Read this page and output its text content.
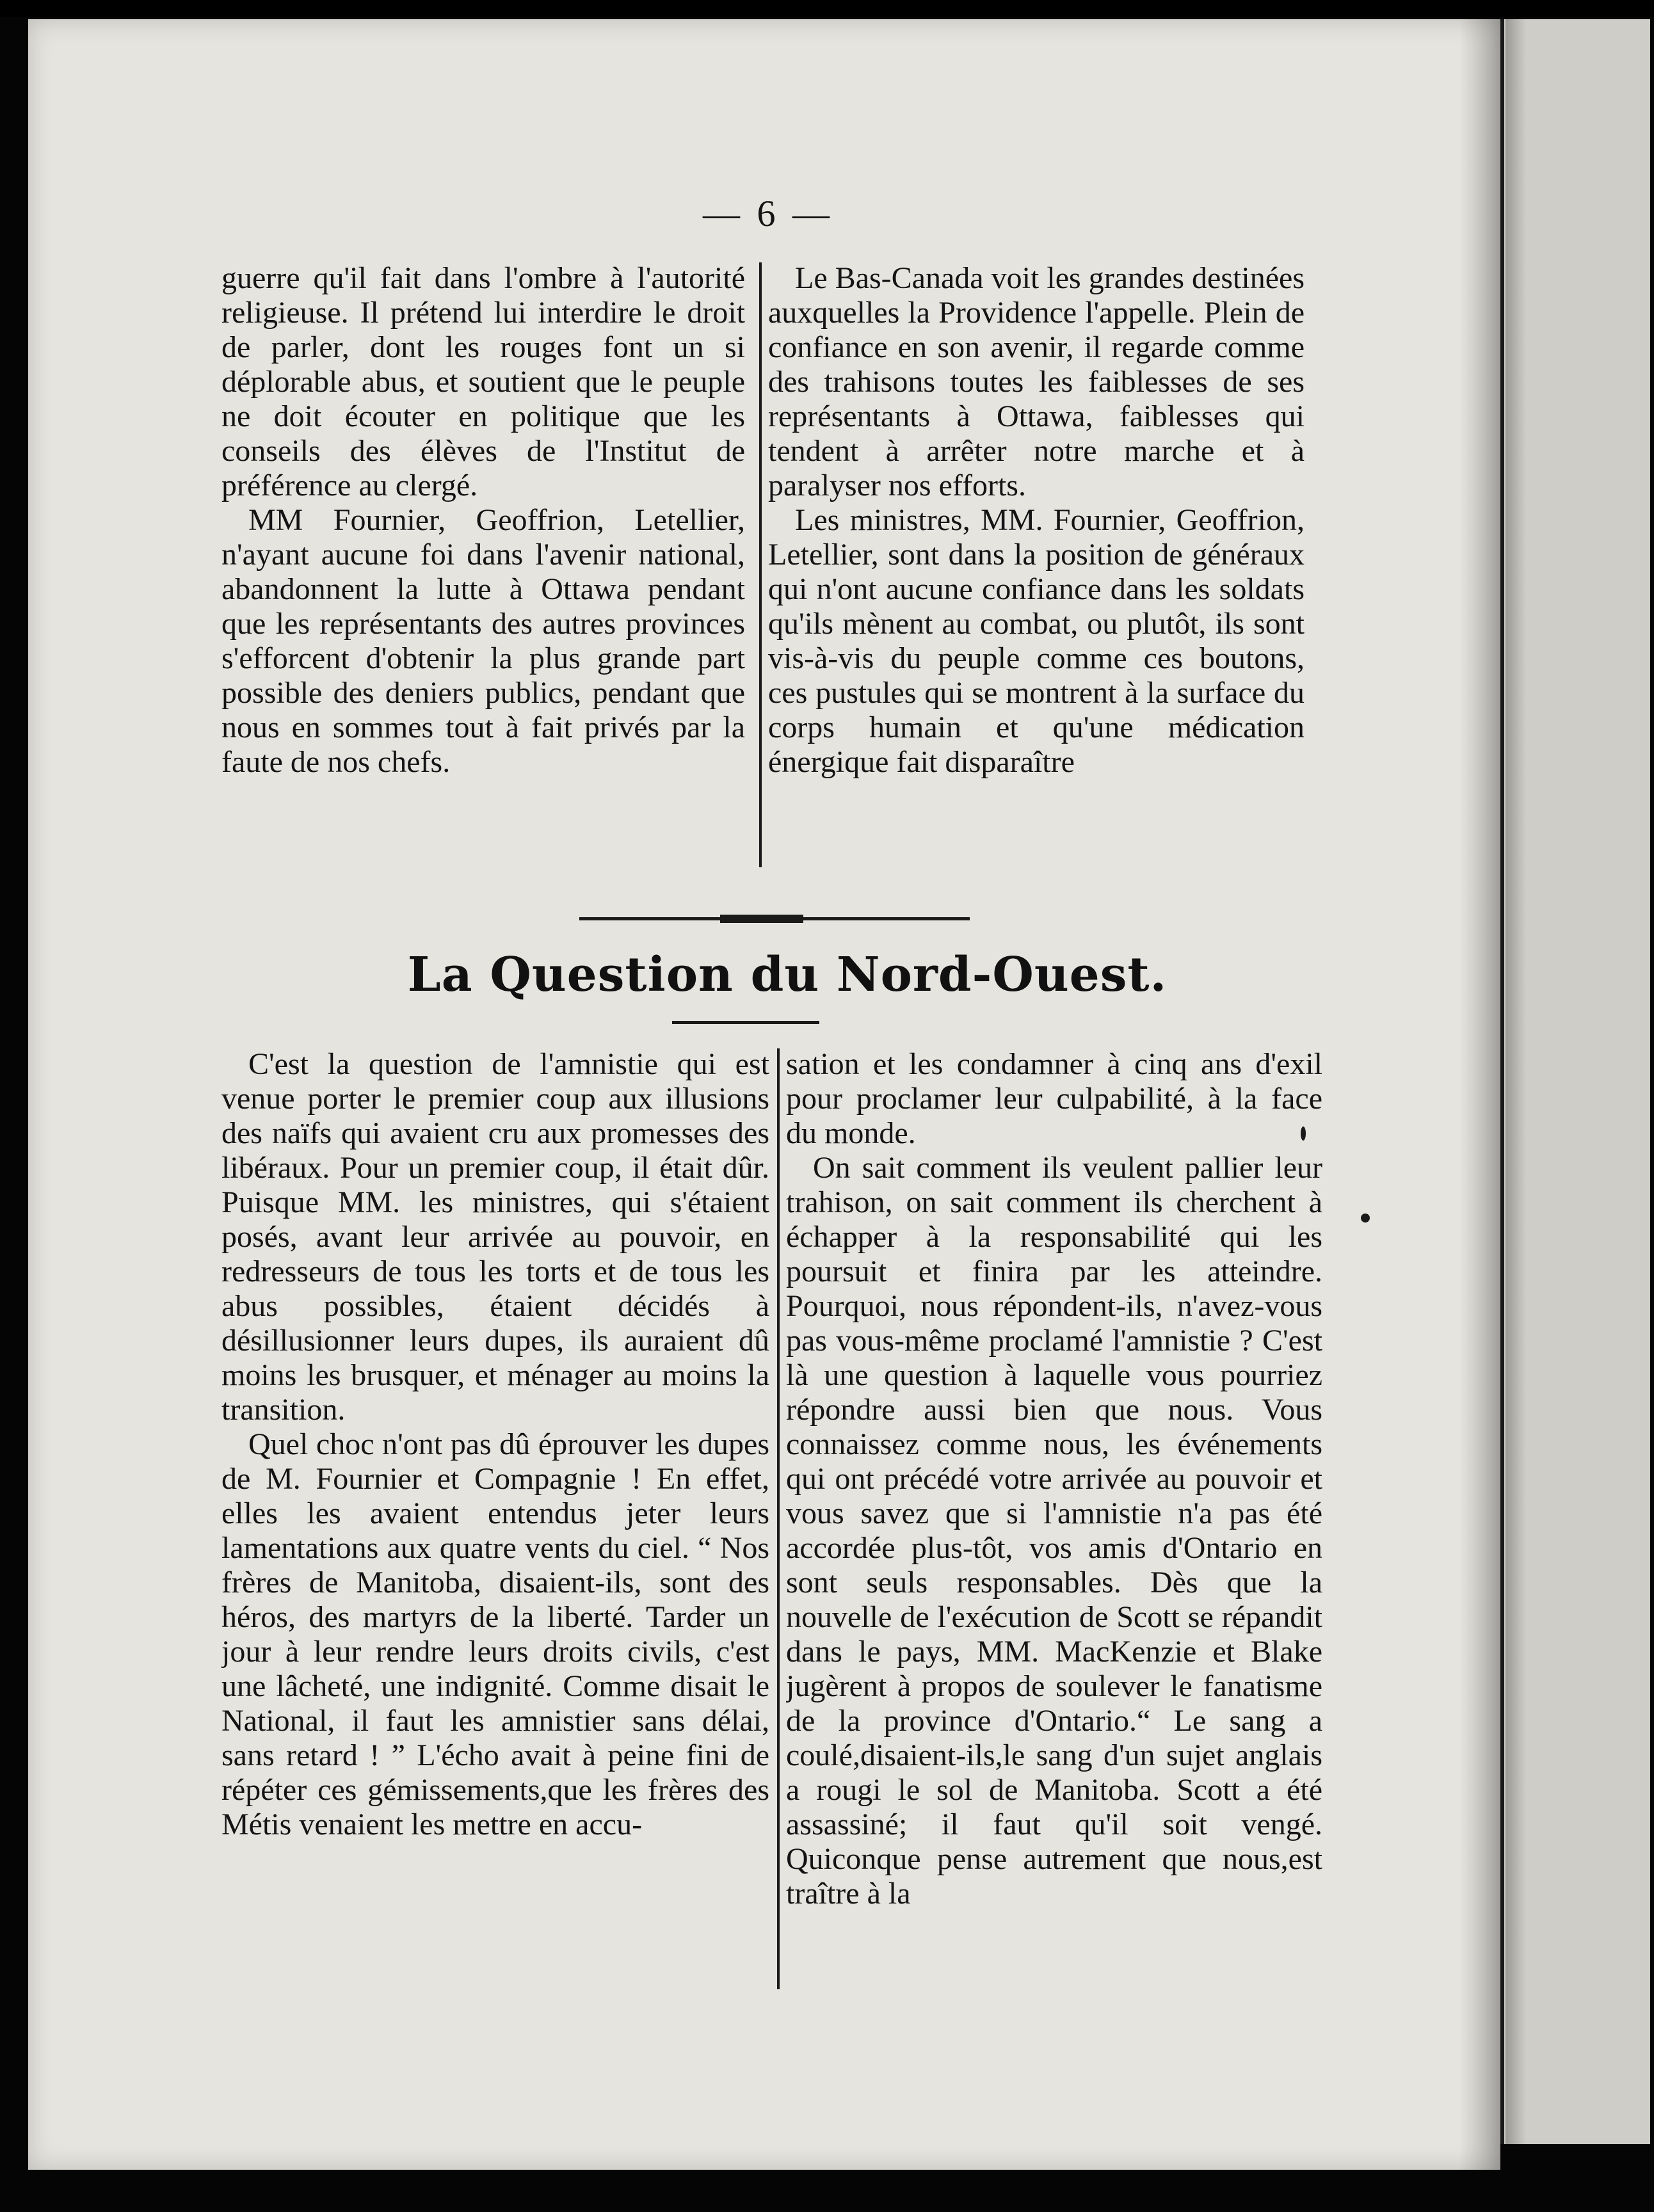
— 6 —

guerre qu'il fait dans l'ombre à l'autorité religieuse. Il prétend lui interdire le droit de parler, dont les rouges font un si déplorable abus, et soutient que le peuple ne doit écouter en politique que les conseils des élèves de l'Institut de préférence au clergé.

MM Fournier, Geoffrion, Letellier, n'ayant aucune foi dans l'avenir national, abandonnent la lutte à Ottawa pendant que les représentants des autres provinces s'efforcent d'obtenir la plus grande part possible des deniers publics, pendant que nous en sommes tout à fait privés par la faute de nos chefs.

Le Bas-Canada voit les grandes destinées auxquelles la Providence l'appelle. Plein de confiance en son avenir, il regarde comme des trahisons toutes les faiblesses de ses représentants à Ottawa, faiblesses qui tendent à arrêter notre marche et à paralyser nos efforts.

Les ministres, MM. Fournier, Geoffrion, Letellier, sont dans la position de généraux qui n'ont aucune confiance dans les soldats qu'ils mènent au combat, ou plutôt, ils sont vis-à-vis du peuple comme ces boutons, ces pustules qui se montrent à la surface du corps humain et qu'une médication énergique fait disparaître

La Question du Nord-Ouest.

C'est la question de l'amnistie qui est venue porter le premier coup aux illusions des naïfs qui avaient cru aux promesses des libéraux. Pour un premier coup, il était dûr. Puisque MM. les ministres, qui s'étaient posés, avant leur arrivée au pouvoir, en redresseurs de tous les torts et de tous les abus possibles, étaient décidés à désillusionner leurs dupes, ils auraient dû moins les brusquer, et ménager au moins la transition.

Quel choc n'ont pas dû éprouver les dupes de M. Fournier et Compagnie ! En effet, elles les avaient entendus jeter leurs lamentations aux quatre vents du ciel. “ Nos frères de Manitoba, disaient-ils, sont des héros, des martyrs de la liberté. Tarder un jour à leur rendre leurs droits civils, c'est une lâcheté, une indignité. Comme disait le National, il faut les amnistier sans délai, sans retard ! ” L'écho avait à peine fini de répéter ces gémissements,que les frères des Métis venaient les mettre en accu-

sation et les condamner à cinq ans d'exil pour proclamer leur culpabilité, à la face du monde.

On sait comment ils veulent pallier leur trahison, on sait comment ils cherchent à échapper à la responsabilité qui les poursuit et finira par les atteindre. Pourquoi, nous répondent-ils, n'avez-vous pas vous-même proclamé l'amnistie ? C'est là une question à laquelle vous pourriez répondre aussi bien que nous. Vous connaissez comme nous, les événements qui ont précédé votre arrivée au pouvoir et vous savez que si l'amnistie n'a pas été accordée plus-tôt, vos amis d'Ontario en sont seuls responsables. Dès que la nouvelle de l'exécution de Scott se répandit dans le pays, MM. MacKenzie et Blake jugèrent à propos de soulever le fanatisme de la province d'Ontario.“ Le sang a coulé,disaient-ils,le sang d'un sujet anglais a rougi le sol de Manitoba. Scott a été assassiné; il faut qu'il soit vengé. Quiconque pense autrement que nous,est traître à la
